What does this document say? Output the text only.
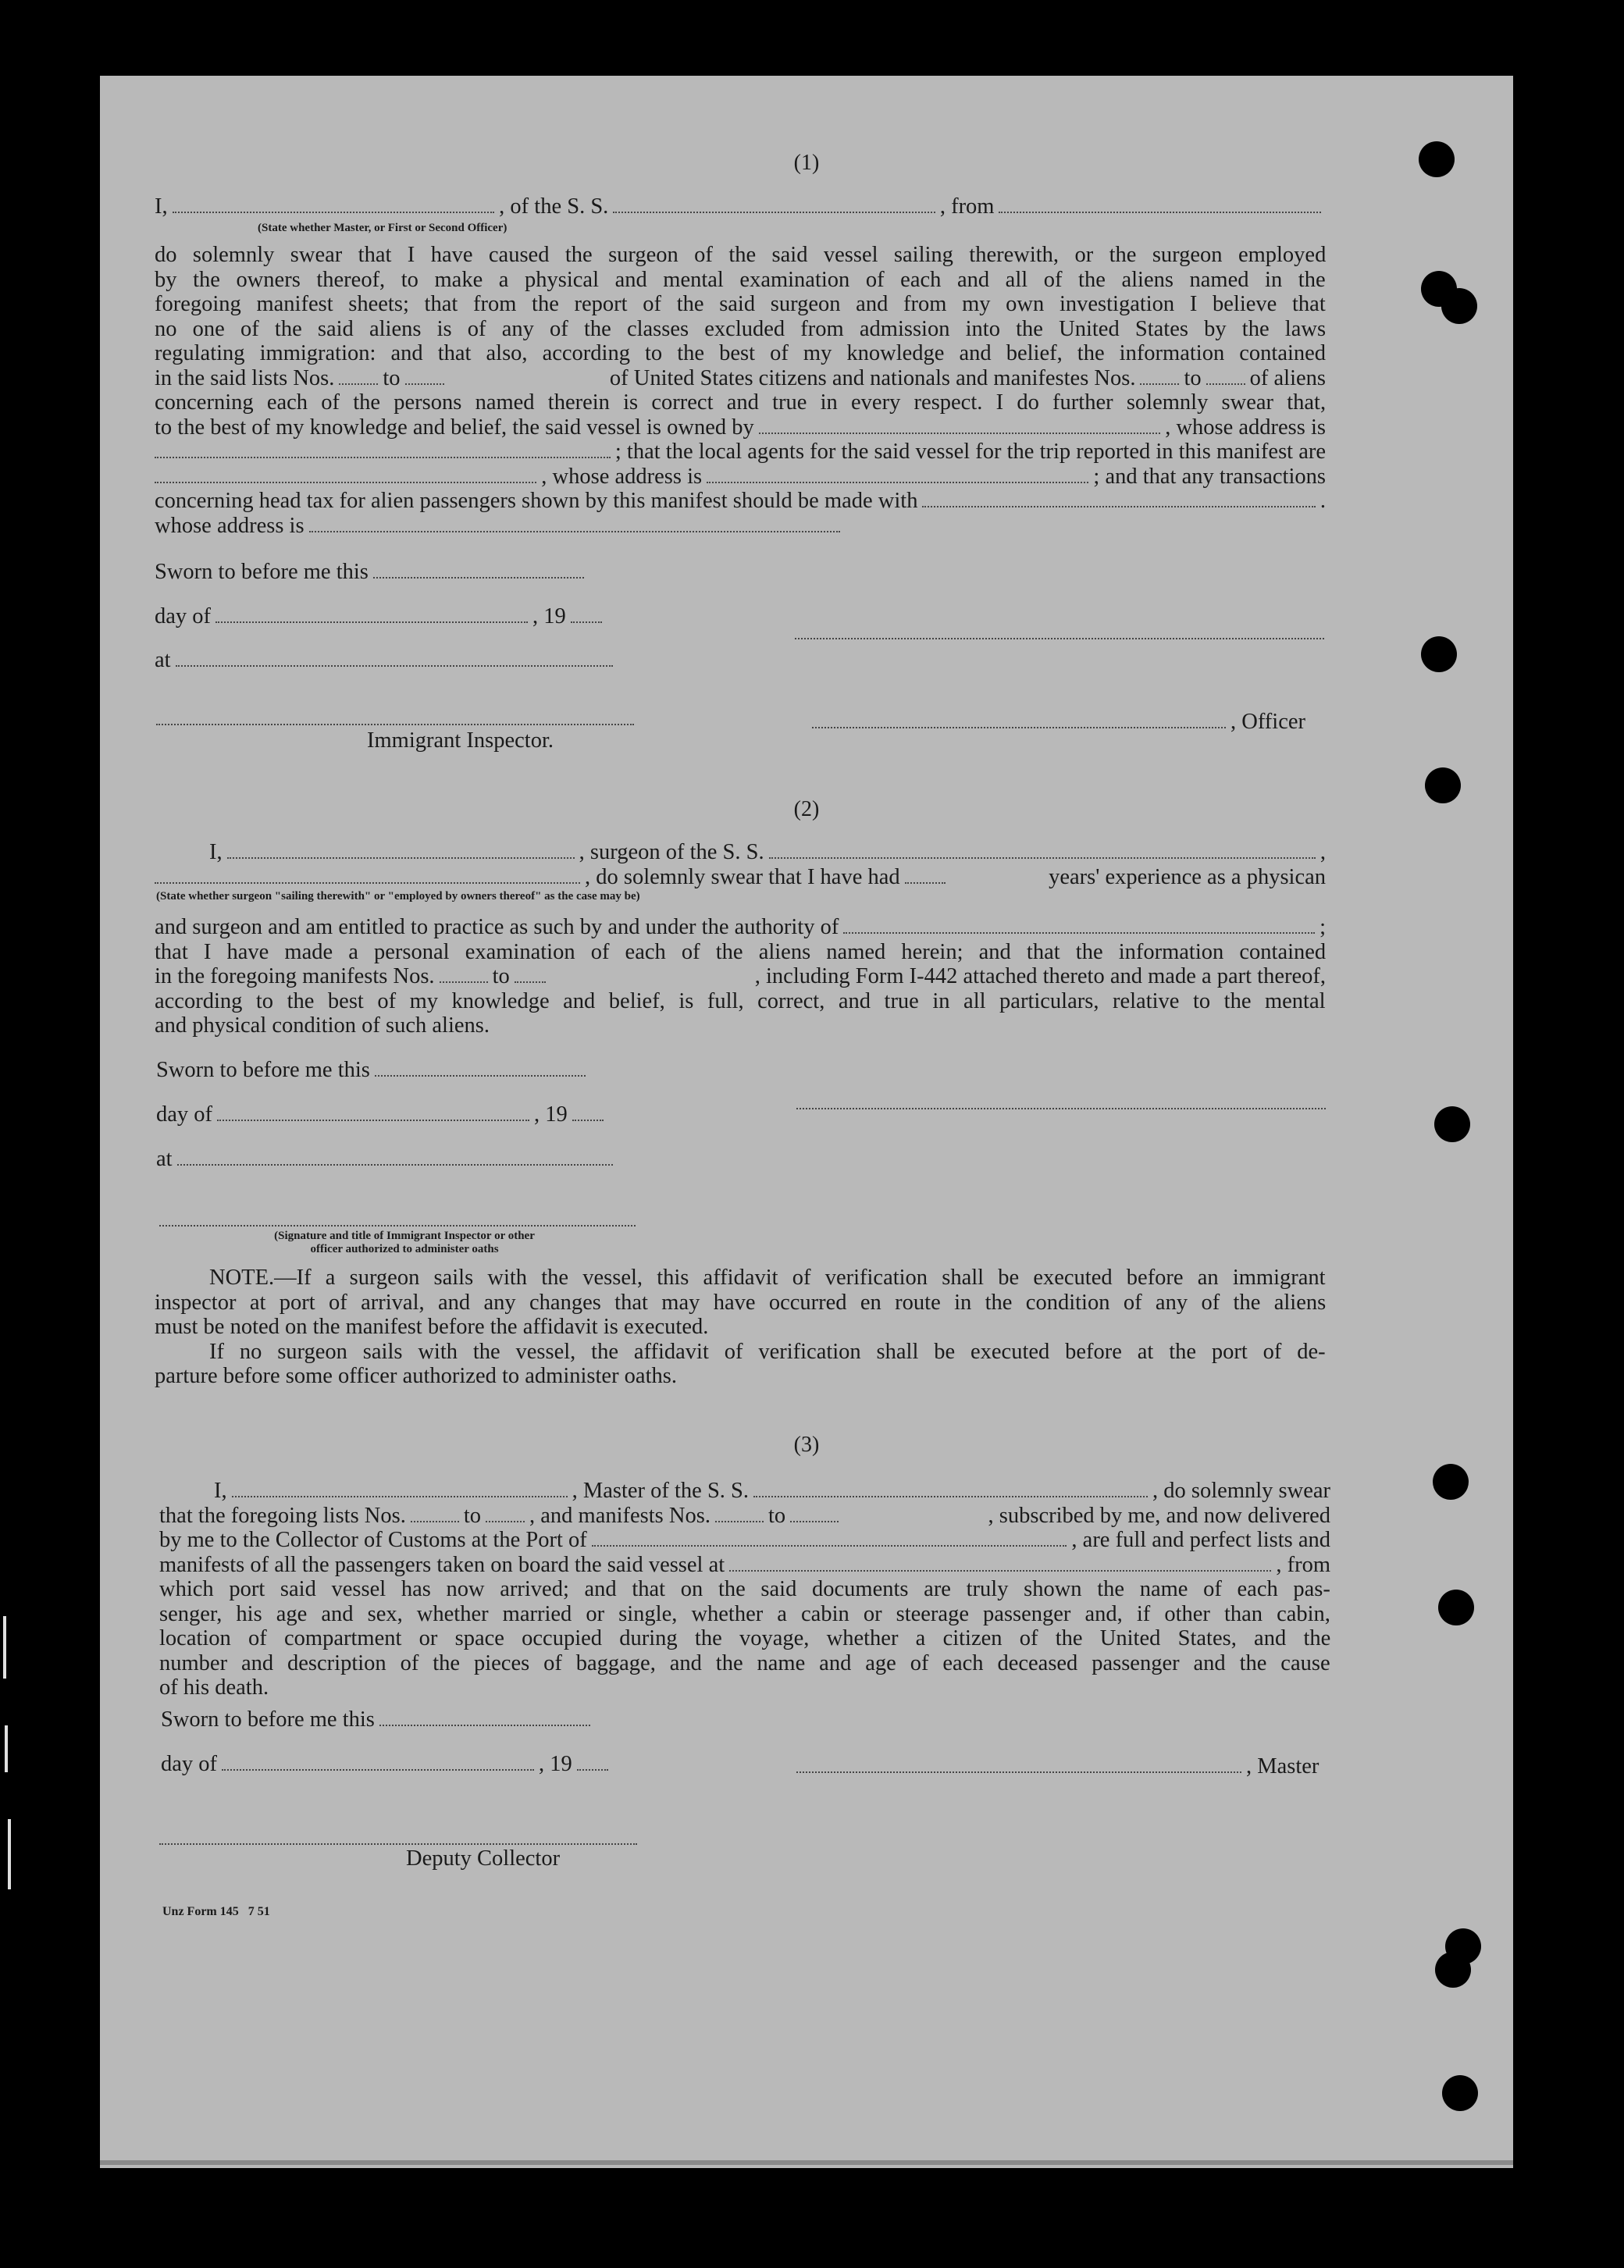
(1)
I,	, of the S. S.	, from
(State whether Master, or First or Second Officer)
do solemnly swear that I have caused the surgeon of the said vessel sailing therewith, or the surgeon employed
by the owners thereof, to make a physical and mental examination of each and all of the aliens named in the
foregoing manifest sheets; that from the report of the said surgeon and from my own investigation I believe that
no one of the said aliens is of any of the classes excluded from admission into the United States by the laws
regulating immigration: and that also, according to the best of my knowledge and belief, the information contained
in the said lists Nos. to	of United States citizens and nationals and manifestes Nos. to of aliens
concerning each of the persons named therein is correct and true in every respect. I do further solemnly swear that,
to the best of my knowledge and belief, the said vessel is owned by	, whose address is
; that the local agents for the said vessel for the trip reported in this manifest are
, whose address is	; and that any transactions
concerning head tax for alien passengers shown by this manifest should be made with	.
whose address is
Sworn to before me this
day of	, 19
at
, Officer
Immigrant Inspector.
(2)
I,	, surgeon of the S. S.	,
, do solemnly swear that I have had	years' experience as a physican
(State whether surgeon "sailing therewith" or "employed by owners thereof" as the case may be)
and surgeon and am entitled to practice as such by and under the authority of	;
that I have made a personal examination of each of the aliens named herein; and that the information contained
in the foregoing manifests Nos.	to	, including Form I-442 attached thereto and made a part thereof,
according to the best of my knowledge and belief, is full, correct, and true in all particulars, relative to the mental
and physical condition of such aliens.
Sworn to before me this
day of	, 19
at
(Signature and title of Immigrant Inspector or other
officer authorized to administer oaths
NOTE.—If a surgeon sails with the vessel, this affidavit of verification shall be executed before an immigrant
inspector at port of arrival, and any changes that may have occurred en route in the condition of any of the aliens
must be noted on the manifest before the affidavit is executed.
If no surgeon sails with the vessel, the affidavit of verification shall be executed before at the port of de-
parture before some officer authorized to administer oaths.
(3)
I,	, Master of the S. S.	, do solemnly swear
that the foregoing lists Nos.	to , and manifests Nos.	to	, subscribed by me, and now delivered
by me to the Collector of Customs at the Port of	, are full and perfect lists and
manifests of all the passengers taken on board the said vessel at	, from
which port said vessel has now arrived; and that on the said documents are truly shown the name of each pas-
senger, his age and sex, whether married or single, whether a cabin or steerage passenger and, if other than cabin,
location of compartment or space occupied during the voyage, whether a citizen of the United States, and the
number and description of the pieces of baggage, and the name and age of each deceased passenger and the cause
of his death.
Sworn to before me this
day of	, 19	, Master
Deputy Collector
Unz Form 145   7 51
